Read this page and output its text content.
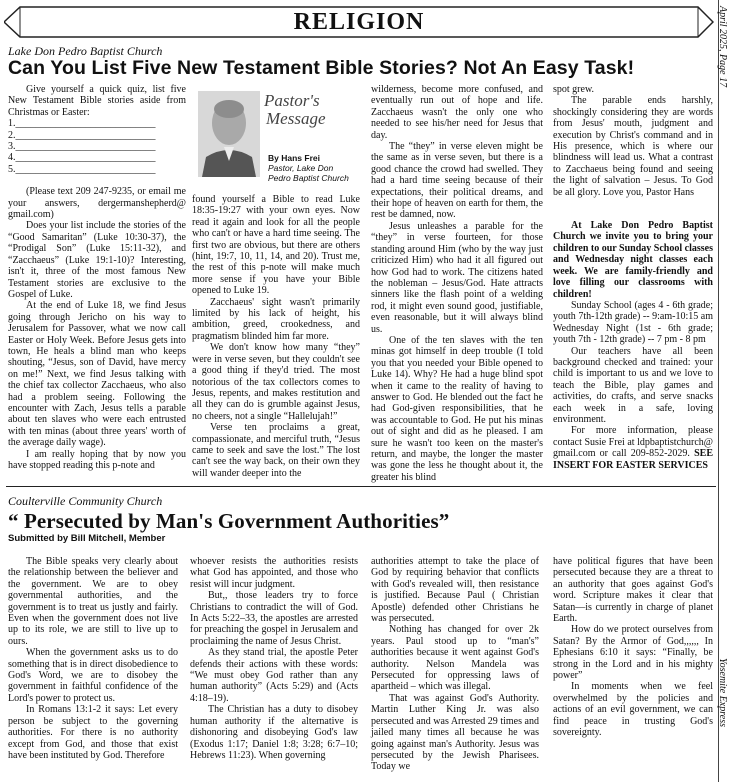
RELIGION	April 2025, Page 17
Yosemite Express
Lake Don Pedro Baptist Church
Can You List Five New Testament Bible Stories? Not An Easy Task!

Give yourself a quick quiz, list five New Testament Bible stories aside from Christmas or Easter:

1.____________________________

2.____________________________

3.____________________________

4.____________________________

5.____________________________

(Please text 209 247-9235, or email me your answers, dergermanshepherd@ gmail.com)

Does your list include the stories of the “Good Samaritan” (Luke 10:30-37), the “Prodigal Son” (Luke 15:11-32), and “Zacchaeus” (Luke 19:1-10)? Interesting, isn't it, three of the most famous New Testament stories are exclusive to the Gospel of Luke.

At the end of Luke 18, we find Jesus going through Jericho on his way to Jerusalem for Passover, what we now call Easter or Holy Week. Before Jesus gets into town, He heals a blind man who keeps shouting, “Jesus, son of David, have mercy on me!” Next, we find Jesus talking with the chief tax collector Zacchaeus, who also had a problem seeing. Following the encounter with Zach, Jesus tells a parable about ten slaves who were each entrusted with ten minas (about three years' worth of the average daily wage).

I am really hoping that by now you have stopped reading this p-note and

Pastor's
Message
By Hans Frei
Pastor, Lake Don
Pedro Baptist Church

found yourself a Bible to read Luke 18:35-19:27 with your own eyes. Now read it again and look for all the people who can't or have a hard time seeing. The first two are obvious, but there are others (hint, 19:7, 10, 11, 14, and 20). Trust me, the rest of this p-note will make much more sense if you have your Bible opened to Luke 19.

Zacchaeus' sight wasn't primarily limited by his lack of height, his ambition, greed, crookedness, and pragmatism blinded him far more.

We don't know how many “they” were in verse seven, but they couldn't see a good thing if they'd tried. The most notorious of the tax collectors comes to Jesus, repents, and makes restitution and all they can do is grumble against Jesus, no cheers, not a single “Hallelujah!”

Verse ten proclaims a great, compassionate, and merciful truth, “Jesus came to seek and save the lost.” The lost can't see the way back, on their own they will wander deeper into the

wilderness, become more confused, and eventually run out of hope and life. Zacchaeus wasn't the only one who needed to see his/her need for Jesus that day.

The “they” in verse eleven might be the same as in verse seven, but there is a good chance the crowd had swelled. They had a hard time seeing because of their expectations, their political dreams, and their hope of heaven on earth for them, the rest be damned, now.

Jesus unleashes a parable for the “they” in verse fourteen, for those standing around Him (who by the way just criticized Him) who had it all figured out how God had to work. The citizens hated the nobleman – Jesus/God. Hate attracts sinners like the flash point of a welding rod, it might even sound good, justifiable, even reasonable, but it will always blind us.

One of the ten slaves with the ten minas got himself in deep trouble (I told you that you needed your Bible opened to Luke 14). Why? He had a huge blind spot when it came to the reality of having to answer to God. He blended out the fact he had God-given responsibilities, that he was accountable to God. He put his minas out of sight and did as he pleased. I am sure he wasn't too keen on the master's return, and maybe, the longer the master was gone the less he thought about it, the greater his blind

spot grew.

The parable ends harshly, shockingly considering they are words from Jesus' mouth, judgment and execution by Christ's command and in His presence, which is where our blindness will lead us. What a contrast to Zacchaeus being found and seeing the light of salvation – Jesus. To God be all glory. Love you, Pastor Hans

At Lake Don Pedro Baptist Church we invite you to bring your children to our Sunday School classes and Wednesday night classes each week. We are family-friendly and love filling our classrooms with children!

Sunday School (ages 4 - 6th grade; youth 7th-12th grade) -- 9:am-10:15 am Wednesday Night (1st - 6th grade; youth 7th - 12th grade) -- 7 pm - 8 pm

Our teachers have all been background checked and trained: your child is important to us and we love to teach the Bible, play games and activities, do crafts, and serve snacks each week in a safe, loving environment.

For more information, please contact Susie Frei at ldpbaptistchurch@ gmail.com or call 209-852-2029. SEE INSERT FOR EASTER SERVICES

Coulterville Community Church
“ Persecuted by Man's Government Authorities”
Submitted by Bill Mitchell, Member

The Bible speaks very clearly about the relationship between the believer and the government. We are to obey governmental authorities, and the government is to treat us justly and fairly. Even when the government does not live up to its role, we are still to live up to ours.

When the government asks us to do something that is in direct disobedience to God's Word, we are to disobey the government in faithful confidence of the Lord's power to protect us.

In Romans 13:1-2 it says: Let every person be subject to the governing authorities. For there is no authority except from God, and those that exist have been instituted by God. Therefore

whoever resists the authorities resists what God has appointed, and those who resist will incur judgment.

But,, those leaders try to force Christians to contradict the will of God. In Acts 5:22–33, the apostles are arrested for preaching the gospel in Jerusalem and proclaiming the name of Jesus Christ.

As they stand trial, the apostle Peter defends their actions with these words: “We must obey God rather than any human authority” (Acts 5:29) and (Acts 4:18–19).

The Christian has a duty to disobey human authority if the alternative is dishonoring and disobeying God's law (Exodus 1:17; Daniel 1:8; 3:28; 6:7–10; Hebrews 11:23). When governing

authorities attempt to take the place of God by requiring behavior that conflicts with God's revealed will, then resistance is justified. Because Paul ( Christian Apostle) defended other Christians he was persecuted.

Nothing has changed for over 2k years. Paul stood up to “man's” authorities because it went against God's authority. Nelson Mandela was Persecuted for oppressing laws of apartheid – which was illegal.

That was against God's Authority. Martin Luther King Jr. was also persecuted and was Arrested 29 times and jailed many times all because he was going against man's Authority. Jesus was persecuted by the Jewish Pharisees. Today we

have political figures that have been persecuted because they are a threat to an authority that goes against God's word. Scripture makes it clear that Satan—is currently in charge of planet Earth.

How do we protect ourselves from Satan? By the Armor of God,,,,,, In Ephesians 6:10 it says: “Finally, be strong in the Lord and in his mighty power”

In moments when we feel overwhelmed by the policies and actions of an evil government, we can find peace in trusting God's sovereignty.
